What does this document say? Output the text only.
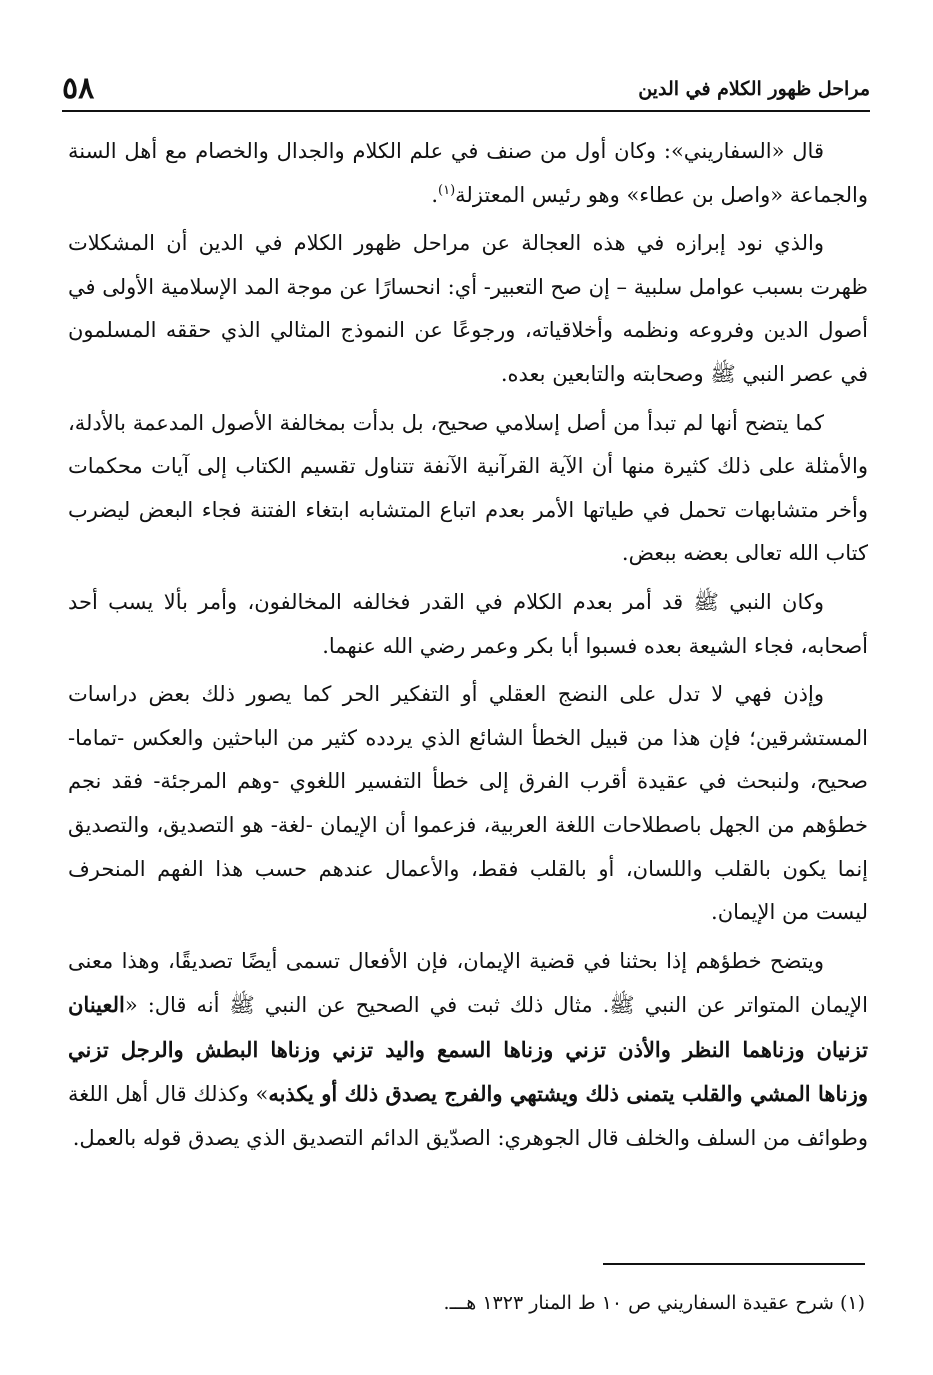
مراحل ظهور الكلام في الدين
٥٨

قال «السفاريني»: وكان أول من صنف في علم الكلام والجدال والخصام مع أهل السنة والجماعة «واصل بن عطاء» وهو رئيس المعتزلة$^{(١)}$.

والذي نود إبرازه في هذه العجالة عن مراحل ظهور الكلام في الدين أن المشكلات ظهرت بسبب عوامل سلبية – إن صح التعبير- أي: انحسارًا عن موجة المد الإسلامية الأولى في أصول الدين وفروعه ونظمه وأخلاقياته، ورجوعًا عن النموذج المثالي الذي حققه المسلمون في عصر النبي ﷺ وصحابته والتابعين بعده.

كما يتضح أنها لم تبدأ من أصل إسلامي صحيح، بل بدأت بمخالفة الأصول المدعمة بالأدلة، والأمثلة على ذلك كثيرة منها أن الآية القرآنية الآنفة تتناول تقسيم الكتاب إلى آيات محكمات وأخر متشابهات تحمل في طياتها الأمر بعدم اتباع المتشابه ابتغاء الفتنة فجاء البعض ليضرب كتاب الله تعالى بعضه ببعض.

وكان النبي ﷺ قد أمر بعدم الكلام في القدر فخالفه المخالفون، وأمر بألا يسب أحد أصحابه، فجاء الشيعة بعده فسبوا أبا بكر وعمر رضي الله عنهما.

وإذن فهي لا تدل على النضج العقلي أو التفكير الحر كما يصور ذلك بعض دراسات المستشرقين؛ فإن هذا من قبيل الخطأ الشائع الذي يردده كثير من الباحثين والعكس -تماما- صحيح، ولنبحث في عقيدة أقرب الفرق إلى خطأ التفسير اللغوي -وهم المرجئة- فقد نجم خطؤهم من الجهل باصطلاحات اللغة العربية، فزعموا أن الإيمان -لغة- هو التصديق، والتصديق إنما يكون بالقلب واللسان، أو بالقلب فقط، والأعمال عندهم حسب هذا الفهم المنحرف ليست من الإيمان.

ويتضح خطؤهم إذا بحثنا في قضية الإيمان، فإن الأفعال تسمى أيضًا تصديقًا، وهذا معنى الإيمان المتواتر عن النبي ﷺ. مثال ذلك ثبت في الصحيح عن النبي ﷺ أنه قال: «العينان تزنيان وزناهما النظر والأذن تزني وزناها السمع واليد تزني وزناها البطش والرجل تزني وزناها المشي والقلب يتمنى ذلك ويشتهي والفرج يصدق ذلك أو يكذبه» وكذلك قال أهل اللغة وطوائف من السلف والخلف قال الجوهري: الصدّيق الدائم التصديق الذي يصدق قوله بالعمل.

(١) شرح عقيدة السفاريني ص ١٠ ط المنار ١٣٢٣ هـــ.
